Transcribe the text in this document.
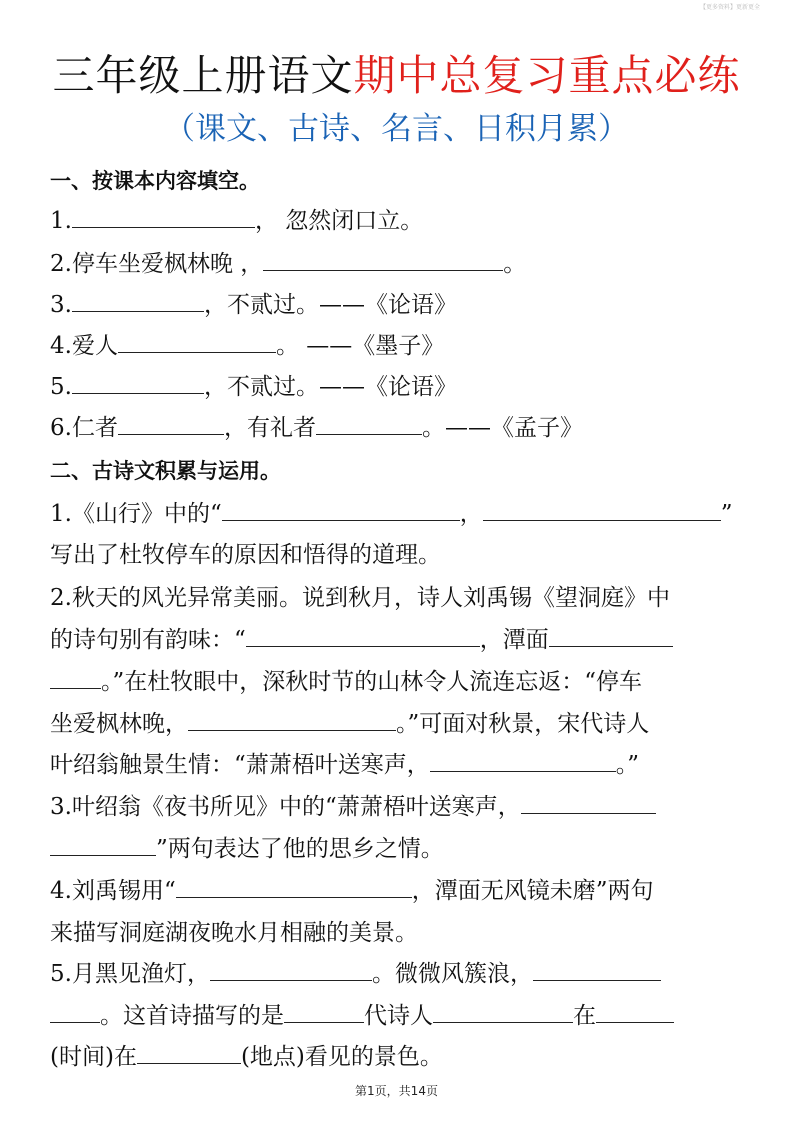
【更多资料】更新更全
三年级上册语文期中总复习重点必练
（课文、古诗、名言、日积月累）
一、按课本内容填空。
1.	， 忽然闭口立。
2.停车坐爱枫林晚 ，	。
3.	，不贰过。——《论语》
4.爱人	。 ——《墨子》
5.	，不贰过。——《论语》
6.仁者	，有礼者	。——《孟子》
二、古诗文积累与运用。
1.《山行》中的“	，	”
写出了杜牧停车的原因和悟得的道理。
2.秋天的风光异常美丽。说到秋月，诗人刘禹锡《望洞庭》中
的诗句别有韵味：“	，潭面
。”在杜牧眼中，深秋时节的山林令人流连忘返：“停车
坐爱枫林晚，	。”可面对秋景，宋代诗人
叶绍翁触景生情：“萧萧梧叶送寒声，	。”
3.叶绍翁《夜书所见》中的“萧萧梧叶送寒声，
”两句表达了他的思乡之情。
4.刘禹锡用“	，潭面无风镜未磨”两句
来描写洞庭湖夜晚水月相融的美景。
5.月黑见渔灯，	。微微风簇浪，
。这首诗描写的是	代诗人	在
(时间)在	(地点)看见的景色。
第1页，共14页
